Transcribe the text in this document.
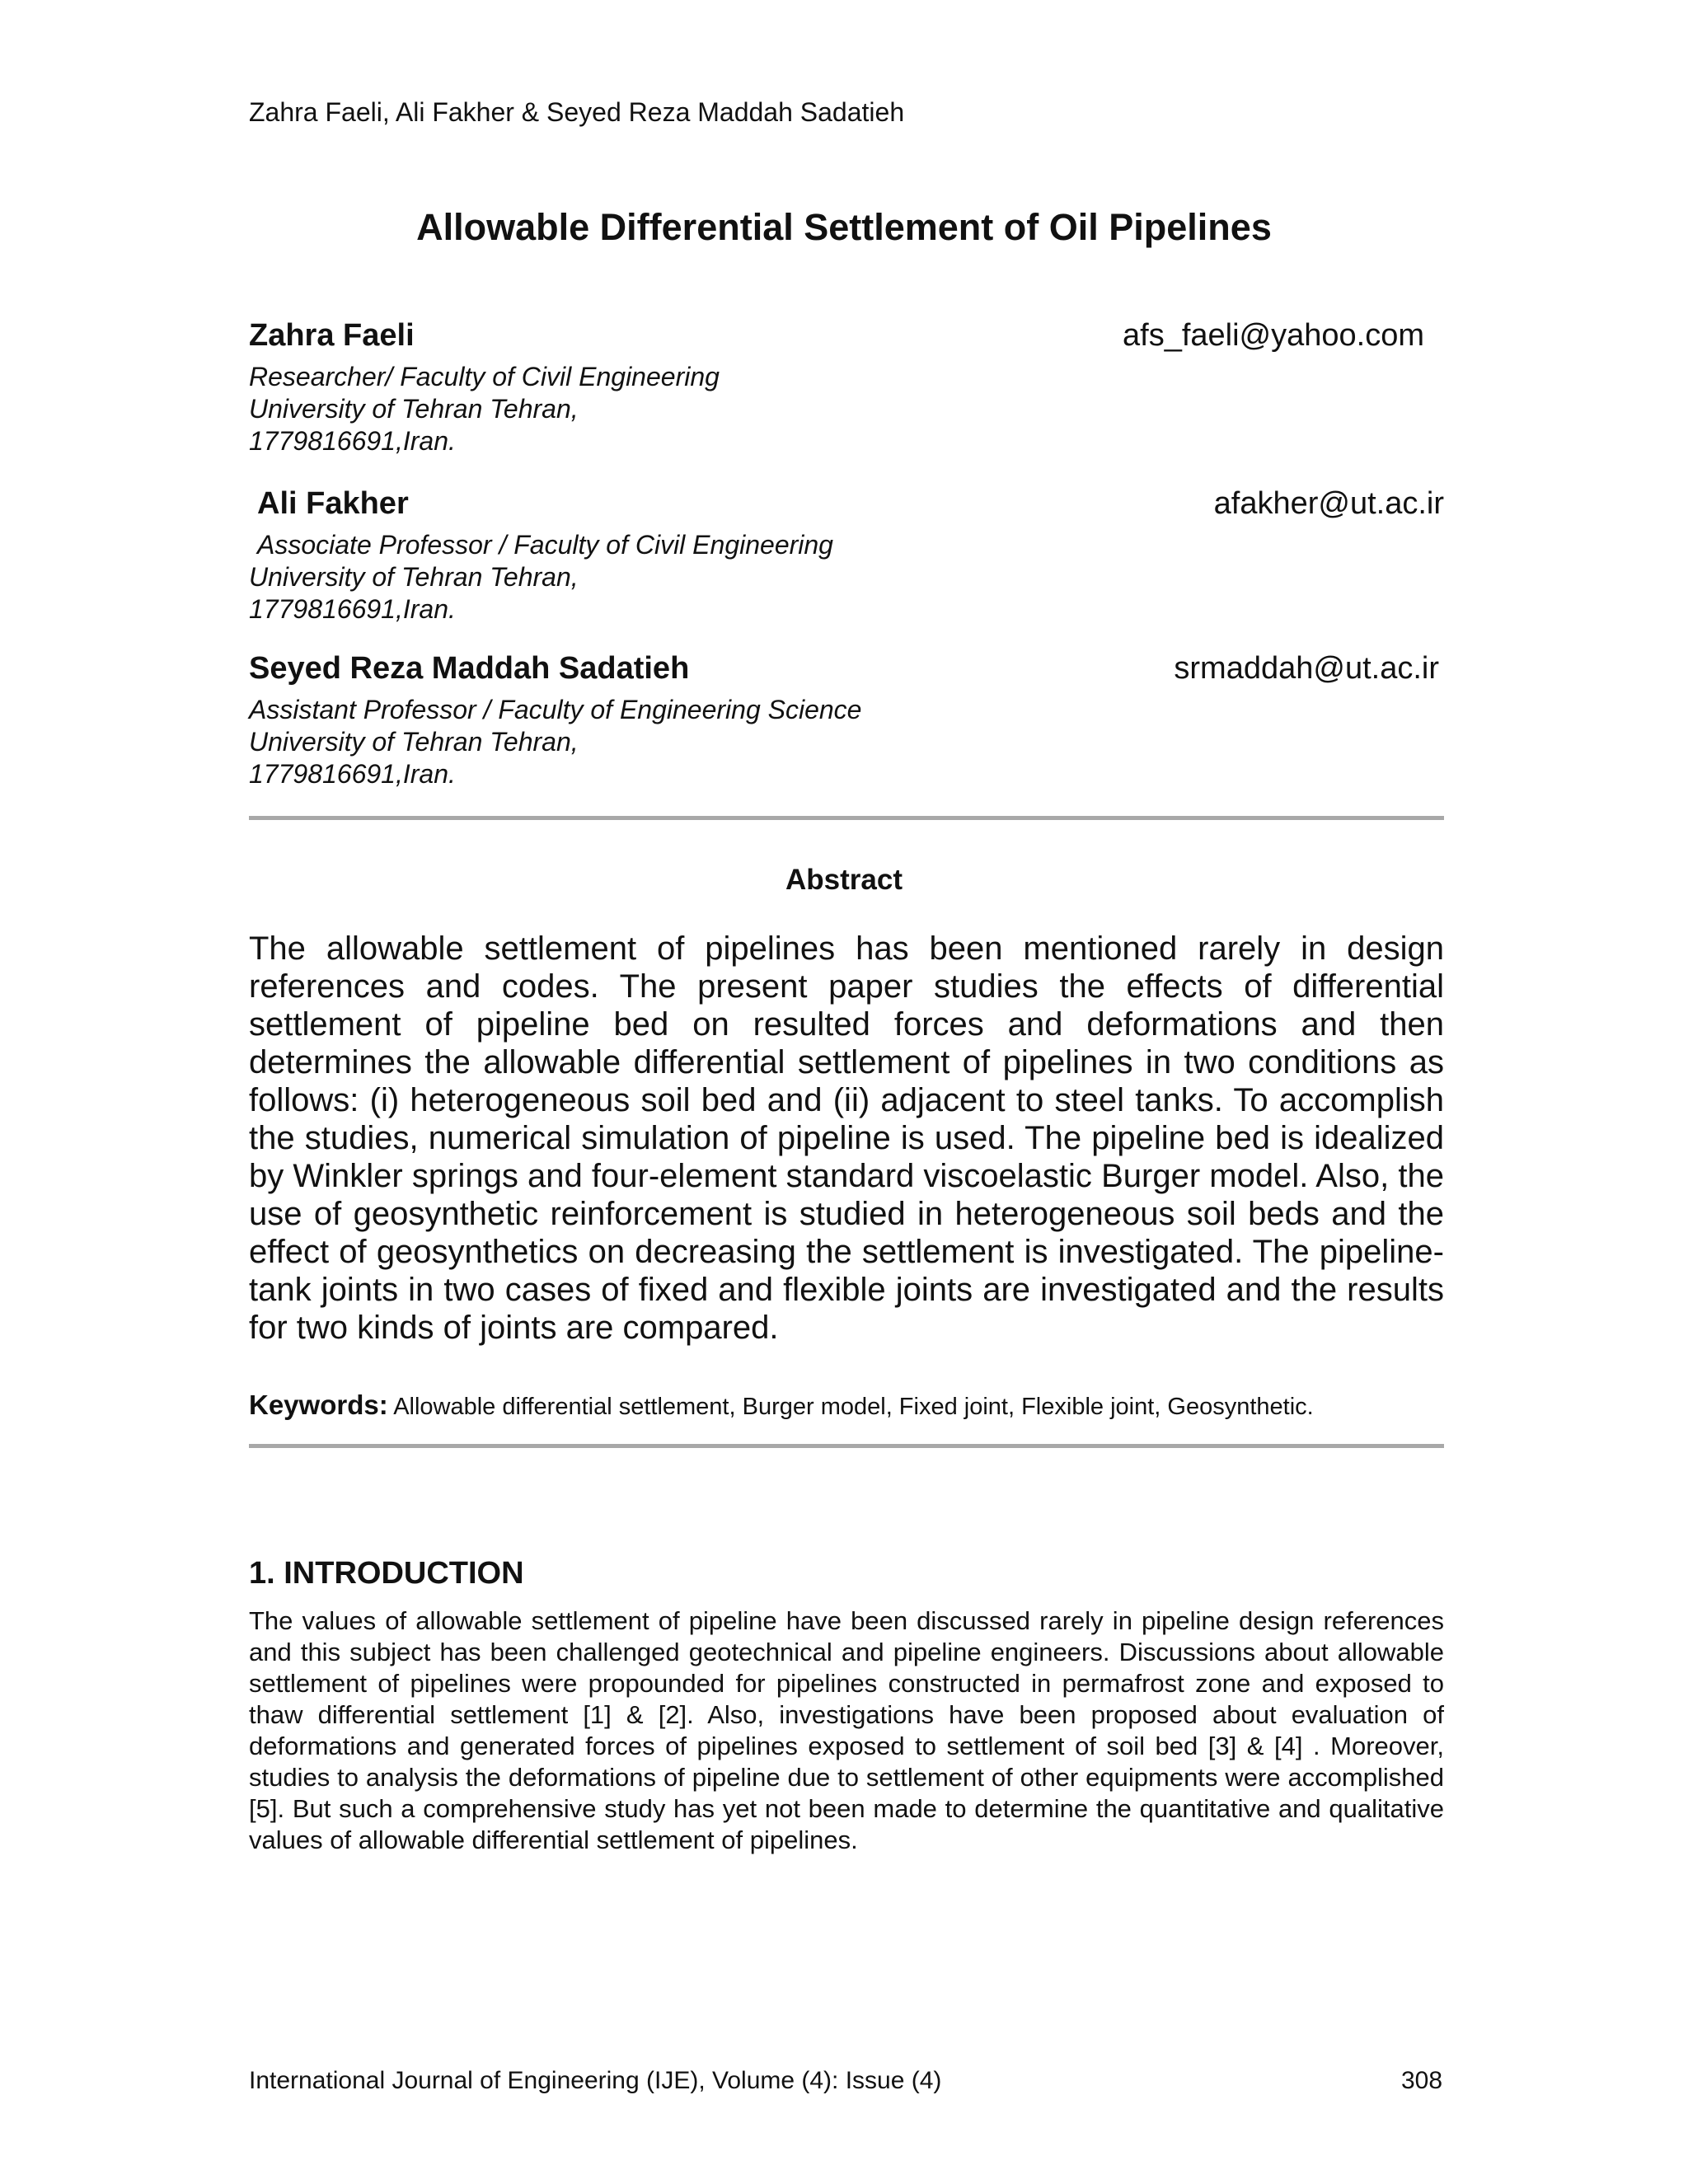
Zahra Faeli, Ali Fakher & Seyed Reza Maddah Sadatieh
Allowable Differential Settlement of Oil Pipelines
Zahra Faeli	afs_faeli@yahoo.com
Researcher/ Faculty of Civil Engineering
University of Tehran Tehran,
1779816691,Iran.
Ali Fakher	afakher@ut.ac.ir
Associate Professor / Faculty of Civil Engineering
University of Tehran Tehran,
1779816691,Iran.
Seyed Reza Maddah Sadatieh	srmaddah@ut.ac.ir
Assistant Professor / Faculty of Engineering Science
University of Tehran Tehran,
1779816691,Iran.
Abstract
The allowable settlement of pipelines has been mentioned rarely in design references and codes. The present paper studies the effects of differential settlement of pipeline bed on resulted forces and deformations and then determines the allowable differential settlement of pipelines in two conditions as follows: (i) heterogeneous soil bed and (ii) adjacent to steel tanks. To accomplish the studies, numerical simulation of pipeline is used. The pipeline bed is idealized by Winkler springs and four-element standard viscoelastic Burger model. Also, the use of geosynthetic reinforcement is studied in heterogeneous soil beds and the effect of geosynthetics on decreasing the settlement is investigated. The pipeline-tank joints in two cases of fixed and flexible joints are investigated and the results for two kinds of joints are compared.
Keywords: Allowable differential settlement, Burger model, Fixed joint, Flexible joint, Geosynthetic.
1. INTRODUCTION
The values of allowable settlement of pipeline have been discussed rarely in pipeline design references and this subject has been challenged geotechnical and pipeline engineers. Discussions about allowable settlement of pipelines were propounded for pipelines constructed in permafrost zone and exposed to thaw differential settlement [1] & [2]. Also, investigations have been proposed about evaluation of deformations and generated forces of pipelines exposed to settlement of soil bed [3] & [4] . Moreover, studies to analysis the deformations of pipeline due to settlement of other equipments were accomplished [5]. But such a comprehensive study has yet not been made to determine the quantitative and qualitative values of allowable differential settlement of pipelines.
International Journal of Engineering (IJE), Volume (4): Issue (4)	308
